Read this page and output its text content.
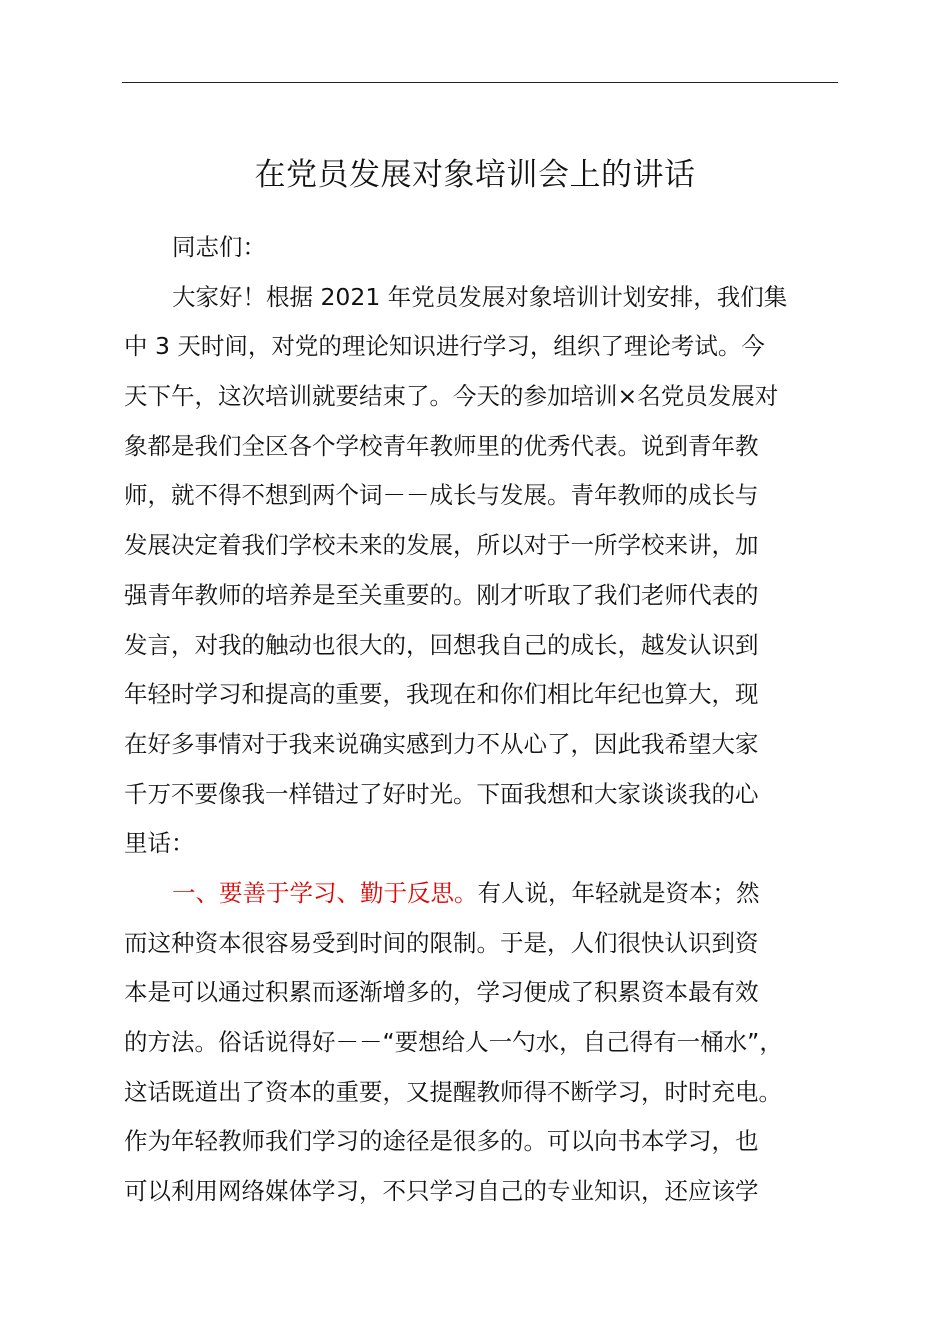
在党员发展对象培训会上的讲话
同志们：
大家好！根据 2021 年党员发展对象培训计划安排，我们集
中 3 天时间，对党的理论知识进行学习，组织了理论考试。今
天下午，这次培训就要结束了。今天的参加培训×名党员发展对
象都是我们全区各个学校青年教师里的优秀代表。说到青年教
师，就不得不想到两个词－－成长与发展。青年教师的成长与
发展决定着我们学校未来的发展，所以对于一所学校来讲，加
强青年教师的培养是至关重要的。刚才听取了我们老师代表的
发言，对我的触动也很大的，回想我自己的成长，越发认识到
年轻时学习和提高的重要，我现在和你们相比年纪也算大，现
在好多事情对于我来说确实感到力不从心了，因此我希望大家
千万不要像我一样错过了好时光。下面我想和大家谈谈我的心
里话：
一、要善于学习、勤于反思。有人说，年轻就是资本；然
而这种资本很容易受到时间的限制。于是，人们很快认识到资
本是可以通过积累而逐渐增多的，学习便成了积累资本最有效
的方法。俗话说得好－－“要想给人一勺水，自己得有一桶水”，
这话既道出了资本的重要，又提醒教师得不断学习，时时充电。
作为年轻教师我们学习的途径是很多的。可以向书本学习，也
可以利用网络媒体学习，不只学习自己的专业知识，还应该学
